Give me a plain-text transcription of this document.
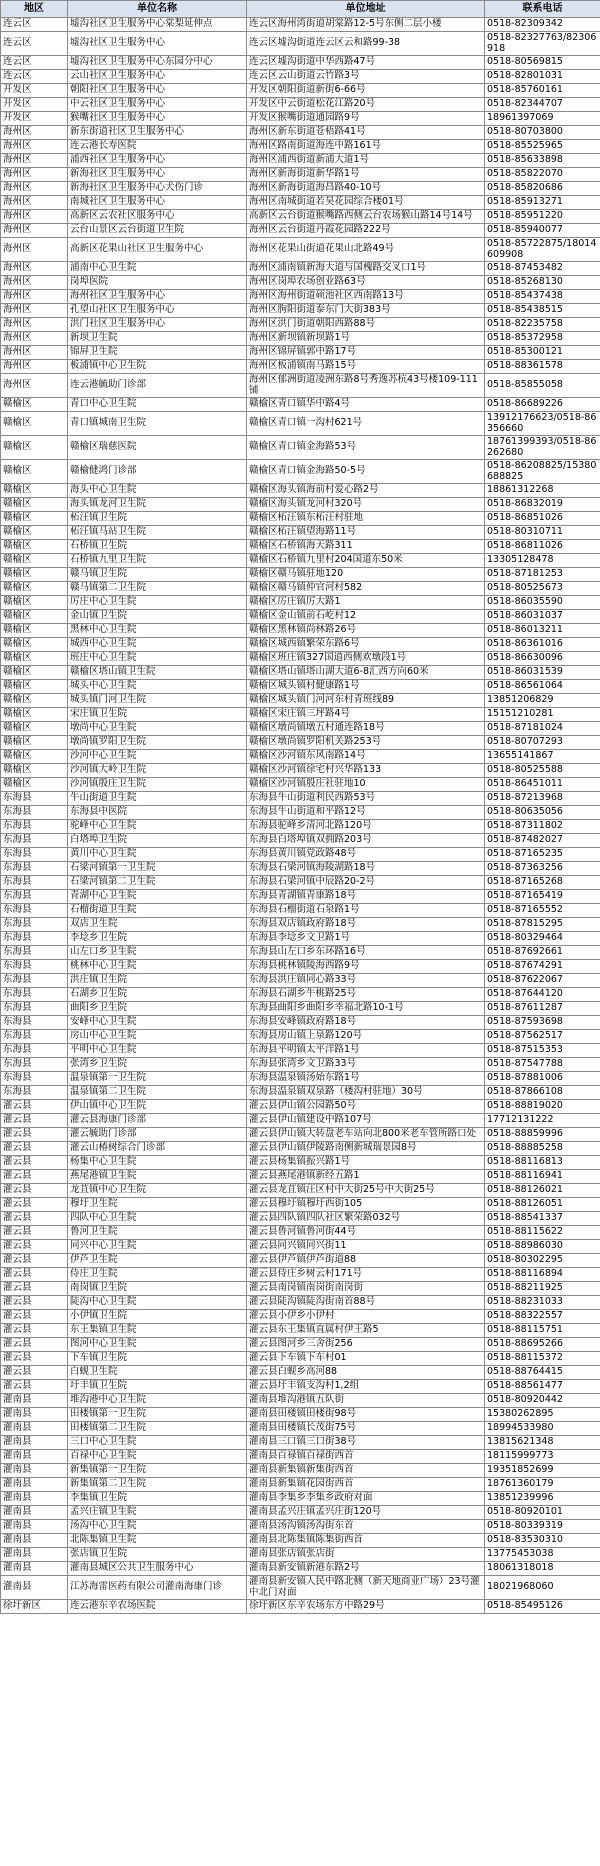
地区	单位名称	单位地址	联系电话
连云区	墟沟社区卫生服务中心棠梨延伸点	连云区海州湾街道胡棠路12-5号东侧二层小楼	0518-82309342
连云区	墟沟社区卫生服务中心	连云区墟沟街道连云区云和路99-38	0518-82327763/82306918
连云区	墟沟社区卫生服务中心东园分中心	连云区墟沟街道中华西路47号	0518-80569815
连云区	云山社区卫生服务中心	连云区云山街道云竹路3号	0518-82801031
开发区	朝阳社区卫生服务中心	开发区朝阳街道新街6-66号	0518-85760161
开发区	中云社区卫生服务中心	开发区中云街道松花江路20号	0518-82344707
开发区	猴嘴社区卫生服务中心	开发区猴嘴街道通园路9号	18961397069
海州区	新东街道社区卫生服务中心	海州区新东街道苍梧路41号	0518-80703800
海州区	连云港长寿医院	海州区路南街道海连中路161号	0518-85525965
海州区	浦西社区卫生服务中心	海州区浦西街道新浦大道1号	0518-85633898
海州区	新海社区卫生服务中心	海州区新海街道新华路1号	0518-85822070
海州区	新海社区卫生服务中心犬伤门诊	海州区新海街道海昌路40-10号	0518-85820686
海州区	南城社区卫生服务中心	海州区南城街道若昊花园综合楼01号	0518-85913271
海州区	高新区云农社区服务中心	高新区云台街道猴嘴路西侧云台农场猴山路14号14号	0518-85951220
海州区	云台山景区云台街道卫生院	海州区云台街道丹霞花园路222号	0518-85940077
海州区	高新区花果山社区卫生服务中心	海州区花果山街道花果山北路49号	0518-85722875/18014609908
海州区	浦南中心卫生院	海州区浦南镇新海大道与国槐路交叉口1号	0518-87453482
海州区	岗埠医院	海州区岗埠农场创业路63号	0518-85268130
海州区	海州社区卫生服务中心	海州区海州街道硕池社区西南路13号	0518-85437438
海州区	孔望山社区卫生服务中心	海州区朐阳街道泰东门大街383号	0518-85438515
海州区	洪门社区卫生服务中心	海州区洪门街道朝阳西路88号	0518-82235758
海州区	新坝卫生院	海州区新坝镇新坝路1号	0518-85372958
海州区	锦屏卫生院	海州区锦屏镇郭中路17号	0518-85300121
海州区	板浦镇中心卫生院	海州区板浦镇南马路15号	0518-88361578
海州区	连云港毓助门诊部	海州区郁洲街道凌洲东路8号秀逸苏杭43号楼109-111铺	0518-85855058
赣榆区	青口中心卫生院	赣榆区青口镇华中路4号	0518-86689226
赣榆区	青口镇城南卫生院	赣榆区青口镇一沟村621号	13912176623/0518-86356660
赣榆区	赣榆区瑞慈医院	赣榆区青口镇金海路53号	18761399393/0518-86262680
赣榆区	赣榆健鸿门诊部	赣榆区青口镇金海路50-5号	0518-86208825/15380688825
赣榆区	海头中心卫生院	赣榆区海头镇海前村爱心路2号	18861312268
赣榆区	海头镇龙河卫生院	赣榆区海头镇龙河村320号	0518-86832019
赣榆区	柘汪镇卫生院	赣榆区柘汪镇东柘汪村驻地	0518-86851026
赣榆区	柘汪镇马站卫生院	赣榆区柘汪镇望海路11号	0518-80310711
赣榆区	石桥镇卫生院	赣榆区石桥镇海天路311	0518-86811026
赣榆区	石桥镇九里卫生院	赣榆区石桥镇九里村204国道东50米	13305128478
赣榆区	赣马镇卫生院	赣榆区赣马镇驻地120	0518-87181253
赣榆区	赣马镇第二卫生院	赣榆区赣马镇仲官河村582	0518-80525673
赣榆区	厉庄中心卫生院	赣榆区厉庄镇厉大路1	0518-86035590
赣榆区	金山镇卫生院	赣榆区金山镇前石屹村12	0518-86031037
赣榆区	黑林中心卫生院	赣榆区黑林镇尚林路26号	0518-86013211
赣榆区	城西中心卫生院	赣榆区城西镇繁荣东路6号	0518-86361016
赣榆区	班庄中心卫生院	赣榆区班庄镇327国道西侧欢墩段1号	0518-86630096
赣榆区	赣榆区塔山镇卫生院	赣榆区塔山镇塔山湖大道6-8汇西方向60米	0518-86031539
赣榆区	城头中心卫生院	赣榆区城头镇村健康路1号	0518-86561064
赣榆区	城头镇门河卫生院	赣榆区城头镇门河河东村青班线89	13851206829
赣榆区	宋庄镇卫生院	赣榆区宋庄镇三坪路4号	15151210281
赣榆区	墩尚中心卫生院	赣榆区墩尚镇墩五村通连路18号	0518-87181024
赣榆区	墩尚镇罗阳卫生院	赣榆区墩尚镇罗阳机关路253号	0518-80707293
赣榆区	沙河中心卫生院	赣榆区沙河镇东风南路14号	13655141867
赣榆区	沙河镇大岭卫生院	赣榆区沙河镇徐宅村兴华路133	0518-80525588
赣榆区	沙河镇殷庄卫生院	赣榆区沙河镇殷庄社驻地10	0518-86451011
东海县	牛山街道卫生院	东海县牛山街道利民西路53号	0518-87213968
东海县	东海县中医院	东海县牛山街道和平路12号	0518-80635056
东海县	驼峰中心卫生院	东海县驼峰乡清河北路120号	0518-87311802
东海县	白塔埠卫生院	东海县白塔埠镇双拥路203号	0518-87482027
东海县	黄川中心卫生院	东海县黄川镇党政路48号	0518-87165235
东海县	石梁河镇第一卫生院	东海县石梁河镇海陵湖路18号	0518-87363256
东海县	石梁河镇第二卫生院	东海县石梁河镇中辰路20-2号	0518-87165268
东海县	青湖中心卫生院	东海县青湖镇青康路18号	0518-87165419
东海县	石榴街道卫生院	东海县石榴街道石泉路1号	0518-87165552
东海县	双店卫生院	东海县双店镇政府路18号	0518-87815295
东海县	李埝乡卫生院	东海县李埝乡文卫路1号	0518-80329464
东海县	山左口乡卫生院	东海县山左口乡东环路16号	0518-87692661
东海县	桃林中心卫生院	东海县桃林镇陵海西路9号	0518-87674291
东海县	洪庄镇卫生院	东海县洪庄镇同心路33号	0518-87622067
东海县	石湖乡卫生院	东海县石湖乡牛桃路25号	0518-87644120
东海县	曲阳乡卫生院	东海县曲阳乡曲阳乡幸福北路10-1号	0518-87611287
东海县	安峰中心卫生院	东海县安峰镇政府路18号	0518-87593698
东海县	房山中心卫生院	东海县房山镇上泉路120号	0518-87562517
东海县	平明中心卫生院	东海县平明镇太平洋路1号	0518-87515353
东海县	张湾乡卫生院	东海县张湾乡文卫路33号	0518-87547788
东海县	温泉镇第一卫生院	东海县温泉镇汤始东路1号	0518-87881006
东海县	温泉镇第二卫生院	东海县温泉镇双泉路（楼沟村驻地）30号	0518-87866108
灌云县	伊山镇中心卫生院	灌云县伊山镇公园路50号	0518-88819020
灌云县	灌云县海康门诊部	灌云县伊山镇建设中路107号	17712131222
灌云县	灌云毓助门诊部	灌云县伊山镇大转盘老车站向北800米老车管所路口处	0518-88859996
灌云县	灌云山椿树综合门诊部	灌云县伊山镇伊陵路南侧新城瑞景园8号	0518-88885258
灌云县	杨集中心卫生院	灌云县杨集镇振兴路1号	0518-88116813
灌云县	燕尾港镇卫生院	灌云县燕尾港镇新经五路1	0518-88116941
灌云县	龙苴镇中心卫生院	灌云县龙苴镇汪区村中大街25号中大街25号	0518-88126021
灌云县	穆圩卫生院	灌云县穆圩镇穆圩西街105	0518-88126051
灌云县	四队中心卫生院	灌云县四队镇四队社区繁荣路032号	0518-88541337
灌云县	鲁河卫生院	灌云县鲁河镇鲁河街44号	0518-88115622
灌云县	同兴中心卫生院	灌云县同兴镇同兴街11	0518-88986030
灌云县	伊芦卫生院	灌云县伊芦镇伊芦街道88	0518-80302295
灌云县	侍庄卫生院	灌云县侍庄乡树云村171号	0518-88116894
灌云县	南岗镇卫生院	灌云县南岗镇南岗街南岗街	0518-88211925
灌云县	陡沟中心卫生院	灌云县陡沟镇陡沟街南首88号	0518-88231033
灌云县	小伊镇卫生院	灌云县小伊乡小伊村	0518-88322557
灌云县	东王集镇卫生院	灌云县东王集镇直属村伊王路5	0518-88115751
灌云县	图河中心卫生院	灌云县图河乡三舍街256	0518-88695266
灌云县	下车镇卫生院	灌云县下车镇下车村01	0518-88115372
灌云县	白蚬卫生院	灌云县白蚬乡高河88	0518-88764415
灌云县	圩丰镇卫生院	灌云县圩丰镇支沟村1,2组	0518-88561477
灌南县	堆沟港中心卫生院	灌南县堆沟港镇五队街	0518-80920442
灌南县	田楼镇第一卫生院	灌南县田楼镇田楼街98号	15380262895
灌南县	田楼镇第二卫生院	灌南县田楼镇长茂街75号	18994533980
灌南县	三口中心卫生院	灌南县三口镇三口街38号	13815621348
灌南县	百禄中心卫生院	灌南县百禄镇百禄街西首	18115999773
灌南县	新集镇第一卫生院	灌南县新集镇新集街西首	19351852699
灌南县	新集镇第二卫生院	灌南县新集镇花园街西首	18761360179
灌南县	李集镇卫生院	灌南县李集乡李集乡政府对面	13851239996
灌南县	孟兴庄镇卫生院	灌南县孟兴庄镇孟兴庄街120号	0518-80920101
灌南县	汤沟中心卫生院	灌南县汤沟镇汤沟街东首	0518-80339319
灌南县	北陈集镇卫生院	灌南县北陈集镇陈集街西首	0518-83530310
灌南县	张店镇卫生院	灌南县张店镇张店街	13775453038
灌南县	灌南县城区公共卫生服务中心	灌南县新安镇新港东路2号	18061318018
灌南县	江苏海雷医药有限公司灌南海康门诊	灌南县新安镇人民中路北侧（新天地商业广场）23号灌中北门对面	18021968060
徐圩新区	连云港东辛农场医院	徐圩新区东辛农场东方中路29号	0518-85495126
